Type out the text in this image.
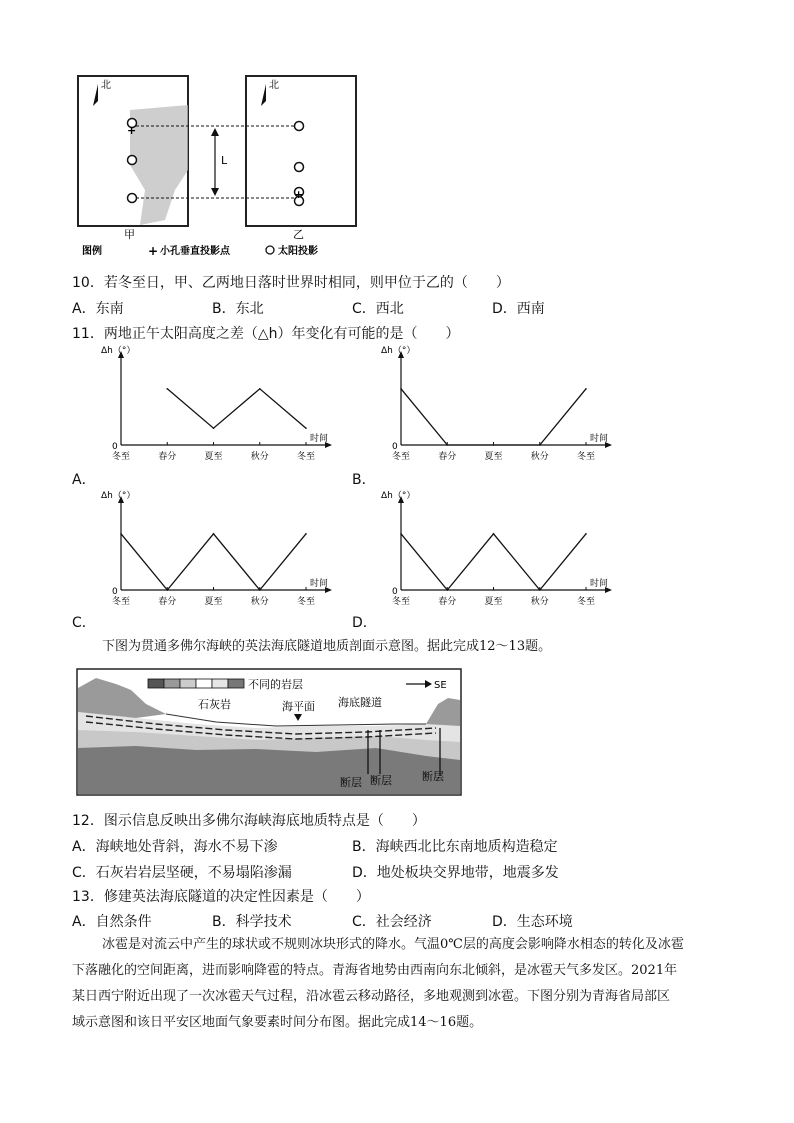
北
+
北
+
L
甲	乙
图例	+ 小孔垂直投影点	太阳投影
10．若冬至日，甲、乙两地日落时世界时相同，则甲位于乙的（　　）
A．东南	B．东北	C．西北	D．西南
11．两地正午太阳高度之差（△h）年变化有可能的是（　　）
A．	B．
C．	D．
Δh（°）
时间
0
冬至	春分	夏至	秋分	冬至
Δh（°）
时间
0
冬至	春分	夏至	秋分	冬至
Δh（°）
时间
0
冬至	春分	夏至	秋分	冬至
Δh（°）
时间
0
冬至	春分	夏至	秋分	冬至
下图为贯通多佛尔海峡的英法海底隧道地质剖面示意图。据此完成12～13题。
不同的岩层	SE
石灰岩	海平面 海底隧道
断层 断层	断层
12．图示信息反映出多佛尔海峡海底地质特点是（　　）
A．海峡地处背斜，海水不易下渗	B．海峡西北比东南地质构造稳定
C．石灰岩岩层坚硬，不易塌陷渗漏	D．地处板块交界地带，地震多发
13．修建英法海底隧道的决定性因素是（　　）
A．自然条件	B．科学技术	C．社会经济	D．生态环境
冰雹是对流云中产生的球状或不规则冰块形式的降水。气温0℃层的高度会影响降水相态的转化及冰雹
下落融化的空间距离，进而影响降雹的特点。青海省地势由西南向东北倾斜，是冰雹天气多发区。2021年
某日西宁附近出现了一次冰雹天气过程，沿冰雹云移动路径，多地观测到冰雹。下图分别为青海省局部区
域示意图和该日平安区地面气象要素时间分布图。据此完成14～16题。
